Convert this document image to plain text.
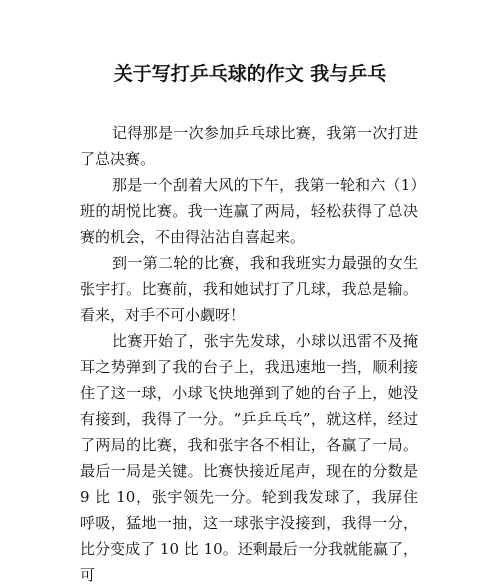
关于写打乒乓球的作文 我与乒乓

记得那是一次参加乒乓球比赛，我第一次打进了总决赛。

那是一个刮着大风的下午，我第一轮和六（1）班的胡悦比赛。我一连赢了两局，轻松获得了总决赛的机会，不由得沾沾自喜起来。

到一第二轮的比赛，我和我班实力最强的女生张宇打。比赛前，我和她试打了几球，我总是输。看来，对手不可小觑呀！

比赛开始了，张宇先发球，小球以迅雷不及掩耳之势弹到了我的台子上，我迅速地一挡，顺利接住了这一球，小球飞快地弹到了她的台子上，她没有接到，我得了一分。“乒乒乓乓”，就这样，经过了两局的比赛，我和张宇各不相让，各赢了一局。最后一局是关键。比赛快接近尾声，现在的分数是 9 比 10，张宇领先一分。轮到我发球了，我屏住呼吸，猛地一抽，这一球张宇没接到，我得一分，比分变成了 10 比 10。还剩最后一分我就能赢了，可
